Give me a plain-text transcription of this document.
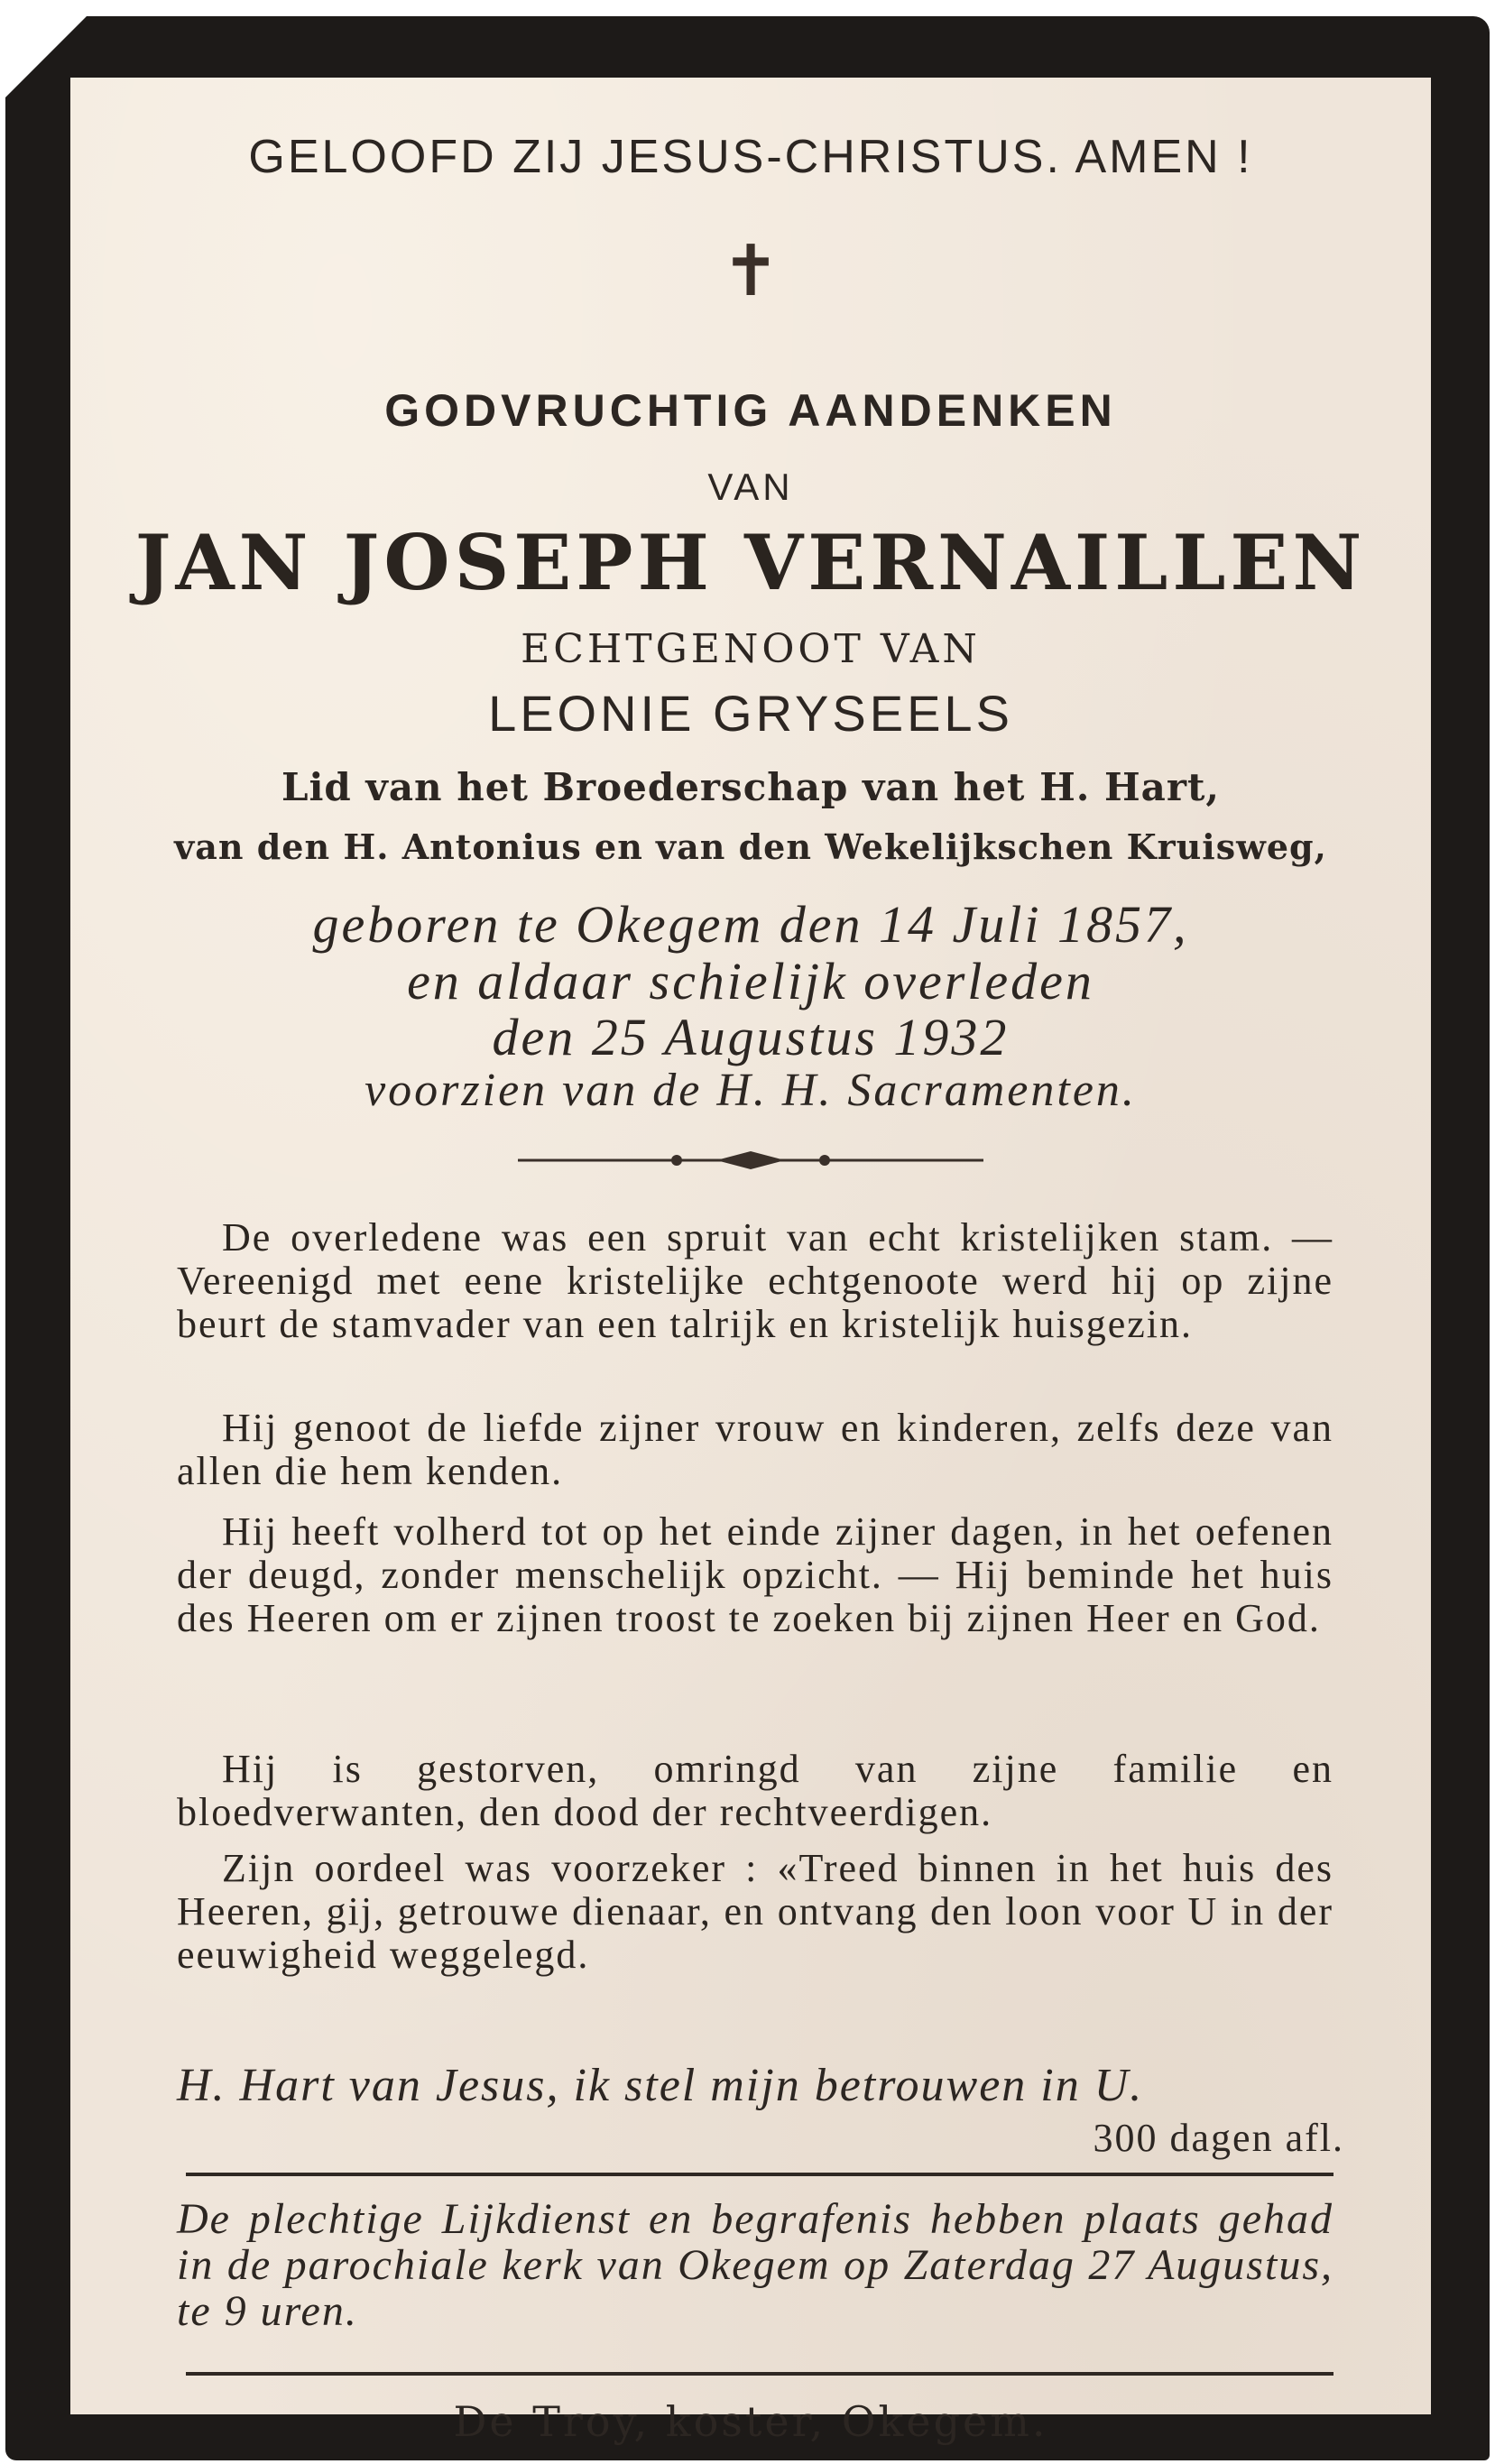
GELOOFD ZIJ JESUS-CHRISTUS. AMEN !

✝

GODVRUCHTIG AANDENKEN

VAN

JAN JOSEPH VERNAILLEN

ECHTGENOOT VAN

LEONIE GRYSEELS

Lid van het Broederschap van het H. Hart,

van den H. Antonius en van den Wekelijkschen Kruisweg,

geboren te Okegem den 14 Juli 1857,

en aldaar schielijk overleden

den 25 Augustus 1932

voorzien van de H. H. Sacramenten.

De overledene was een spruit van echt kristelijken stam. — Vereenigd met eene kristelijke echtgenoote werd hij op zijne beurt de stamvader van een talrijk en kristelijk huisgezin.

Hij genoot de liefde zijner vrouw en kinderen, zelfs deze van allen die hem kenden.

Hij heeft volherd tot op het einde zijner dagen, in het oefenen der deugd, zonder menschelijk opzicht. — Hij beminde het huis des Heeren om er zijnen troost te zoeken bij zijnen Heer en God.

Hij is gestorven, omringd van zijne familie en bloedverwanten, den dood der rechtveerdigen.

Zijn oordeel was voorzeker : «Treed binnen in het huis des Heeren, gij, getrouwe dienaar, en ontvang den loon voor U in der eeuwigheid weggelegd.

H. Hart van Jesus, ik stel mijn betrouwen in U.

300 dagen afl.

De plechtige Lijkdienst en begrafenis hebben plaats gehad in de parochiale kerk van Okegem op Zaterdag 27 Augustus, te 9 uren.

De Troy, koster, Okegem.
